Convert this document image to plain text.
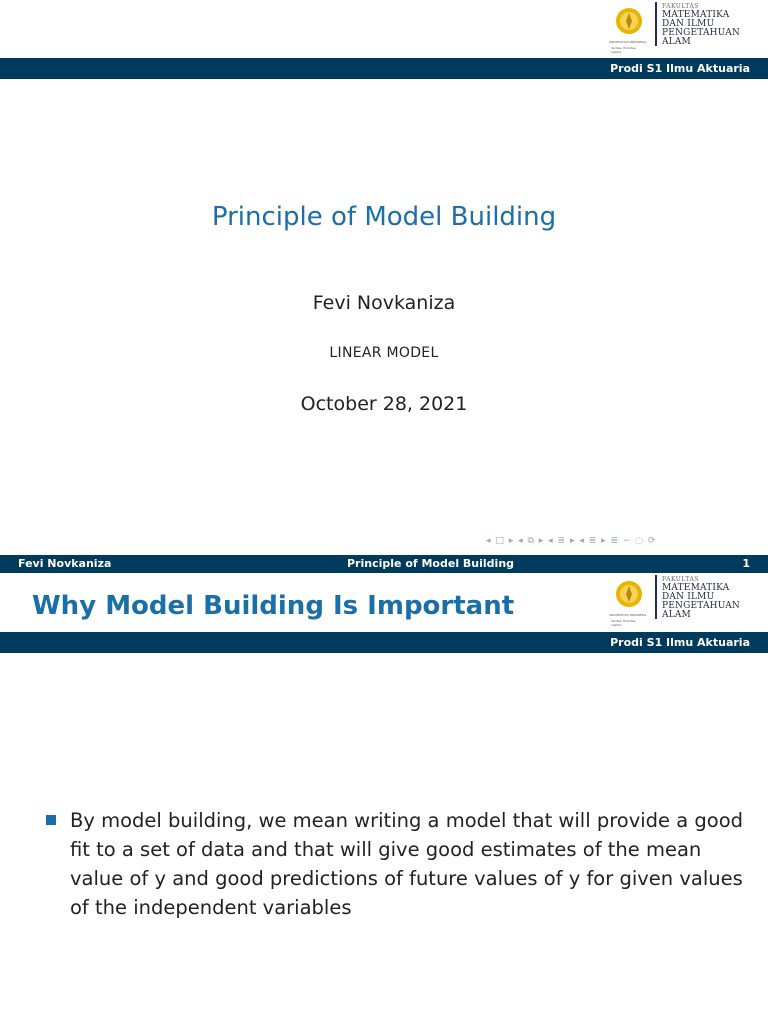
UNIVERSITAS INDONESIA
Veritas, Probitas, Iustitia
FAKULTAS
MATEMATIKA
DAN ILMU
PENGETAHUAN
ALAM
Prodi S1 Ilmu Aktuaria
Principle of Model Building
Fevi Novkaniza
LINEAR MODEL
October 28, 2021
◂ □ ▸ ◂ ⧉ ▸ ◂ ≣ ▸ ◂ ≣ ▸ ≣ ∽ ◌ ⟳
Fevi Novkaniza	Principle of Model Building	1
UNIVERSITAS INDONESIA
Veritas, Probitas, Iustitia
FAKULTAS
MATEMATIKA
DAN ILMU
PENGETAHUAN
ALAM
Prodi S1 Ilmu Aktuaria
Why Model Building Is Important
By model building, we mean writing a model that will provide a good fit to a set of data and that will give good estimates of the mean value of y and good predictions of future values of y for given values of the independent variables
